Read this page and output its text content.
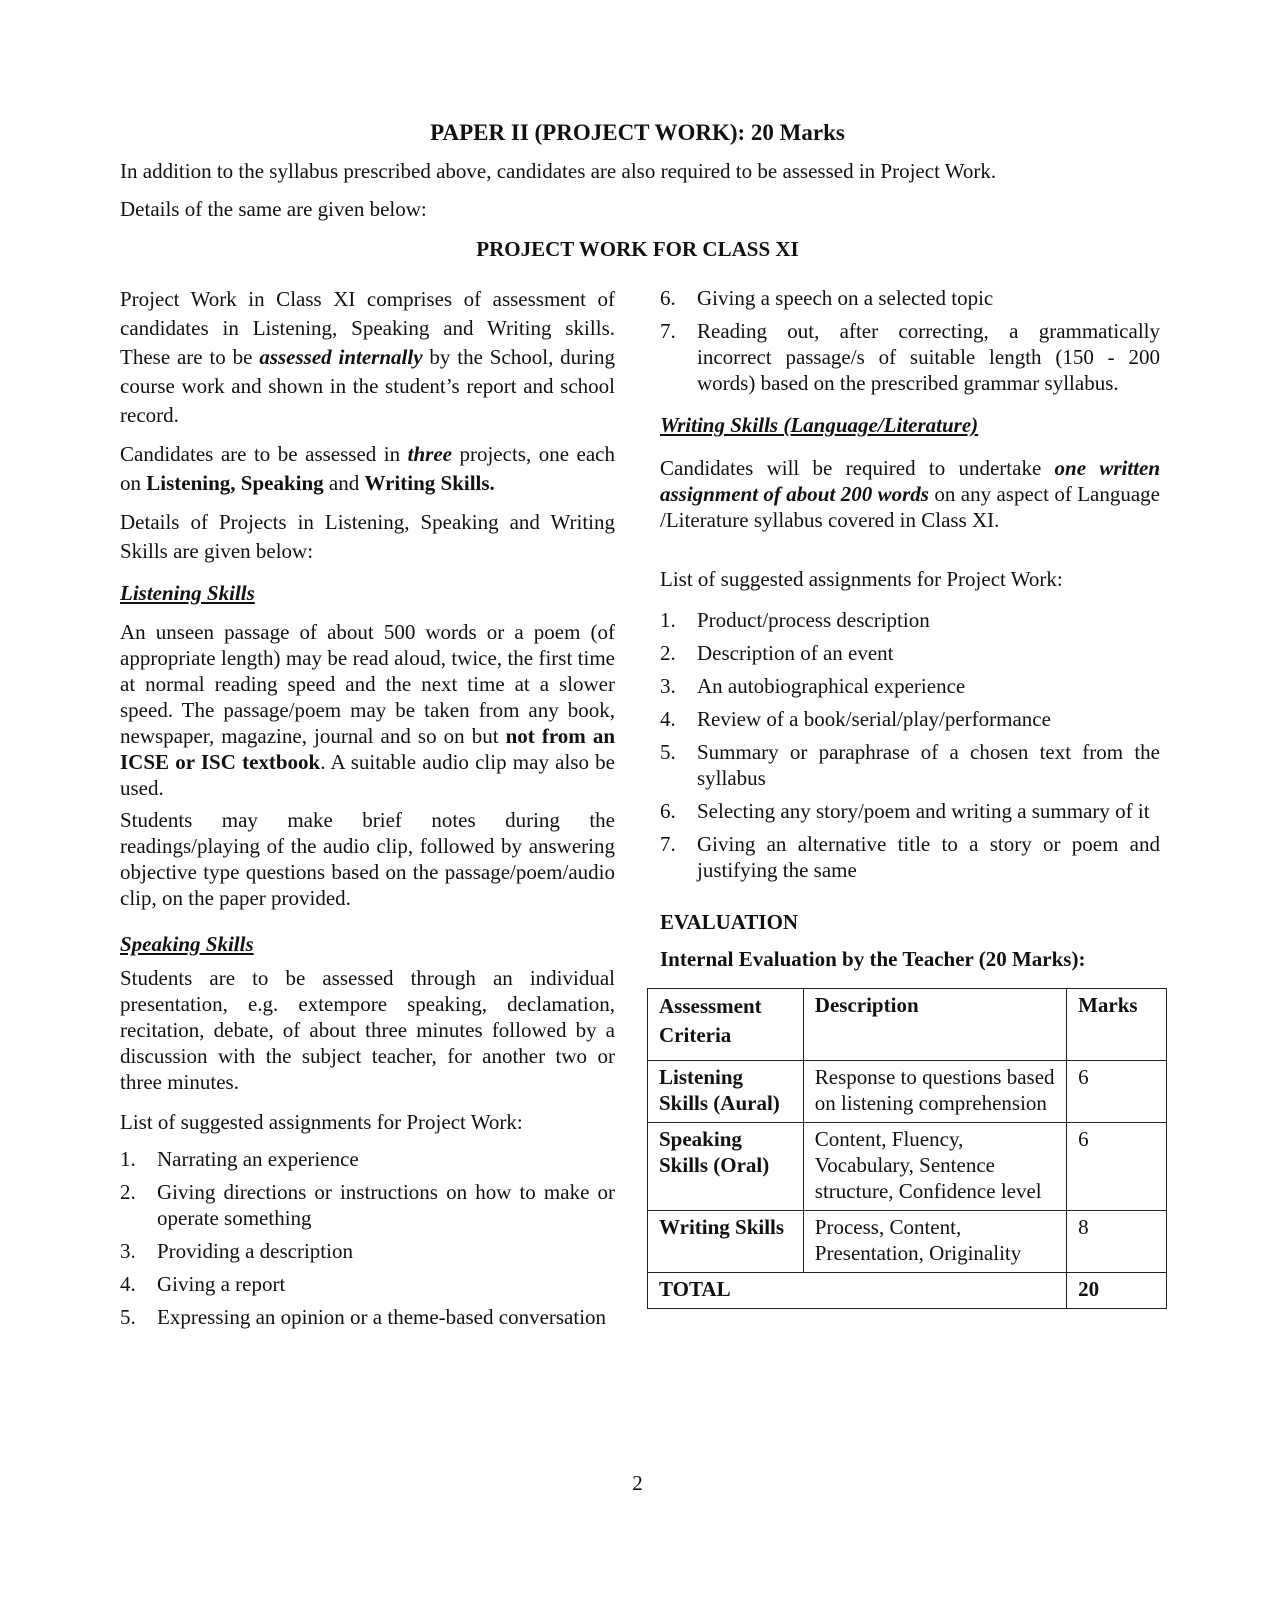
PAPER II (PROJECT WORK): 20 Marks

In addition to the syllabus prescribed above, candidates are also required to be assessed in Project Work.

Details of the same are given below:

PROJECT WORK FOR CLASS XI

Project Work in Class XI comprises of assessment of candidates in Listening, Speaking and Writing skills. These are to be assessed internally by the School, during course work and shown in the student’s report and school record.

Candidates are to be assessed in three projects, one each on Listening, Speaking and Writing Skills.

Details of Projects in Listening, Speaking and Writing Skills are given below:

Listening Skills

An unseen passage of about 500 words or a poem (of appropriate length) may be read aloud, twice, the first time at normal reading speed and the next time at a slower speed. The passage/poem may be taken from any book, newspaper, magazine, journal and so on but not from an ICSE or ISC textbook. A suitable audio clip may also be used.

Students may make brief notes during the readings/playing of the audio clip, followed by answering objective type questions based on the passage/poem/audio clip, on the paper provided.

Speaking Skills

Students are to be assessed through an individual presentation, e.g. extempore speaking, declamation, recitation, debate, of about three minutes followed by a discussion with the subject teacher, for another two or three minutes.

List of suggested assignments for Project Work:

1. Narrating an experience
2. Giving directions or instructions on how to make or operate something
3. Providing a description
4. Giving a report
5. Expressing an opinion or a theme-based conversation
6. Giving a speech on a selected topic
7. Reading out, after correcting, a grammatically incorrect passage/s of suitable length (150 - 200 words) based on the prescribed grammar syllabus.

Writing Skills (Language/Literature)

Candidates will be required to undertake one written assignment of about 200 words on any aspect of Language /Literature syllabus covered in Class XI.

List of suggested assignments for Project Work:

1. Product/process description
2. Description of an event
3. An autobiographical experience
4. Review of a book/serial/play/performance
5. Summary or paraphrase of a chosen text from the syllabus
6. Selecting any story/poem and writing a summary of it
7. Giving an alternative title to a story or poem and justifying the same

EVALUATION

Internal Evaluation by the Teacher (20 Marks):

Assessment Criteria	Description	Marks
Listening Skills (Aural)	Response to questions based on listening comprehension	6
Speaking Skills (Oral)	Content, Fluency, Vocabulary, Sentence structure, Confidence level	6
Writing Skills	Process, Content, Presentation, Originality	8
TOTAL		20
2
